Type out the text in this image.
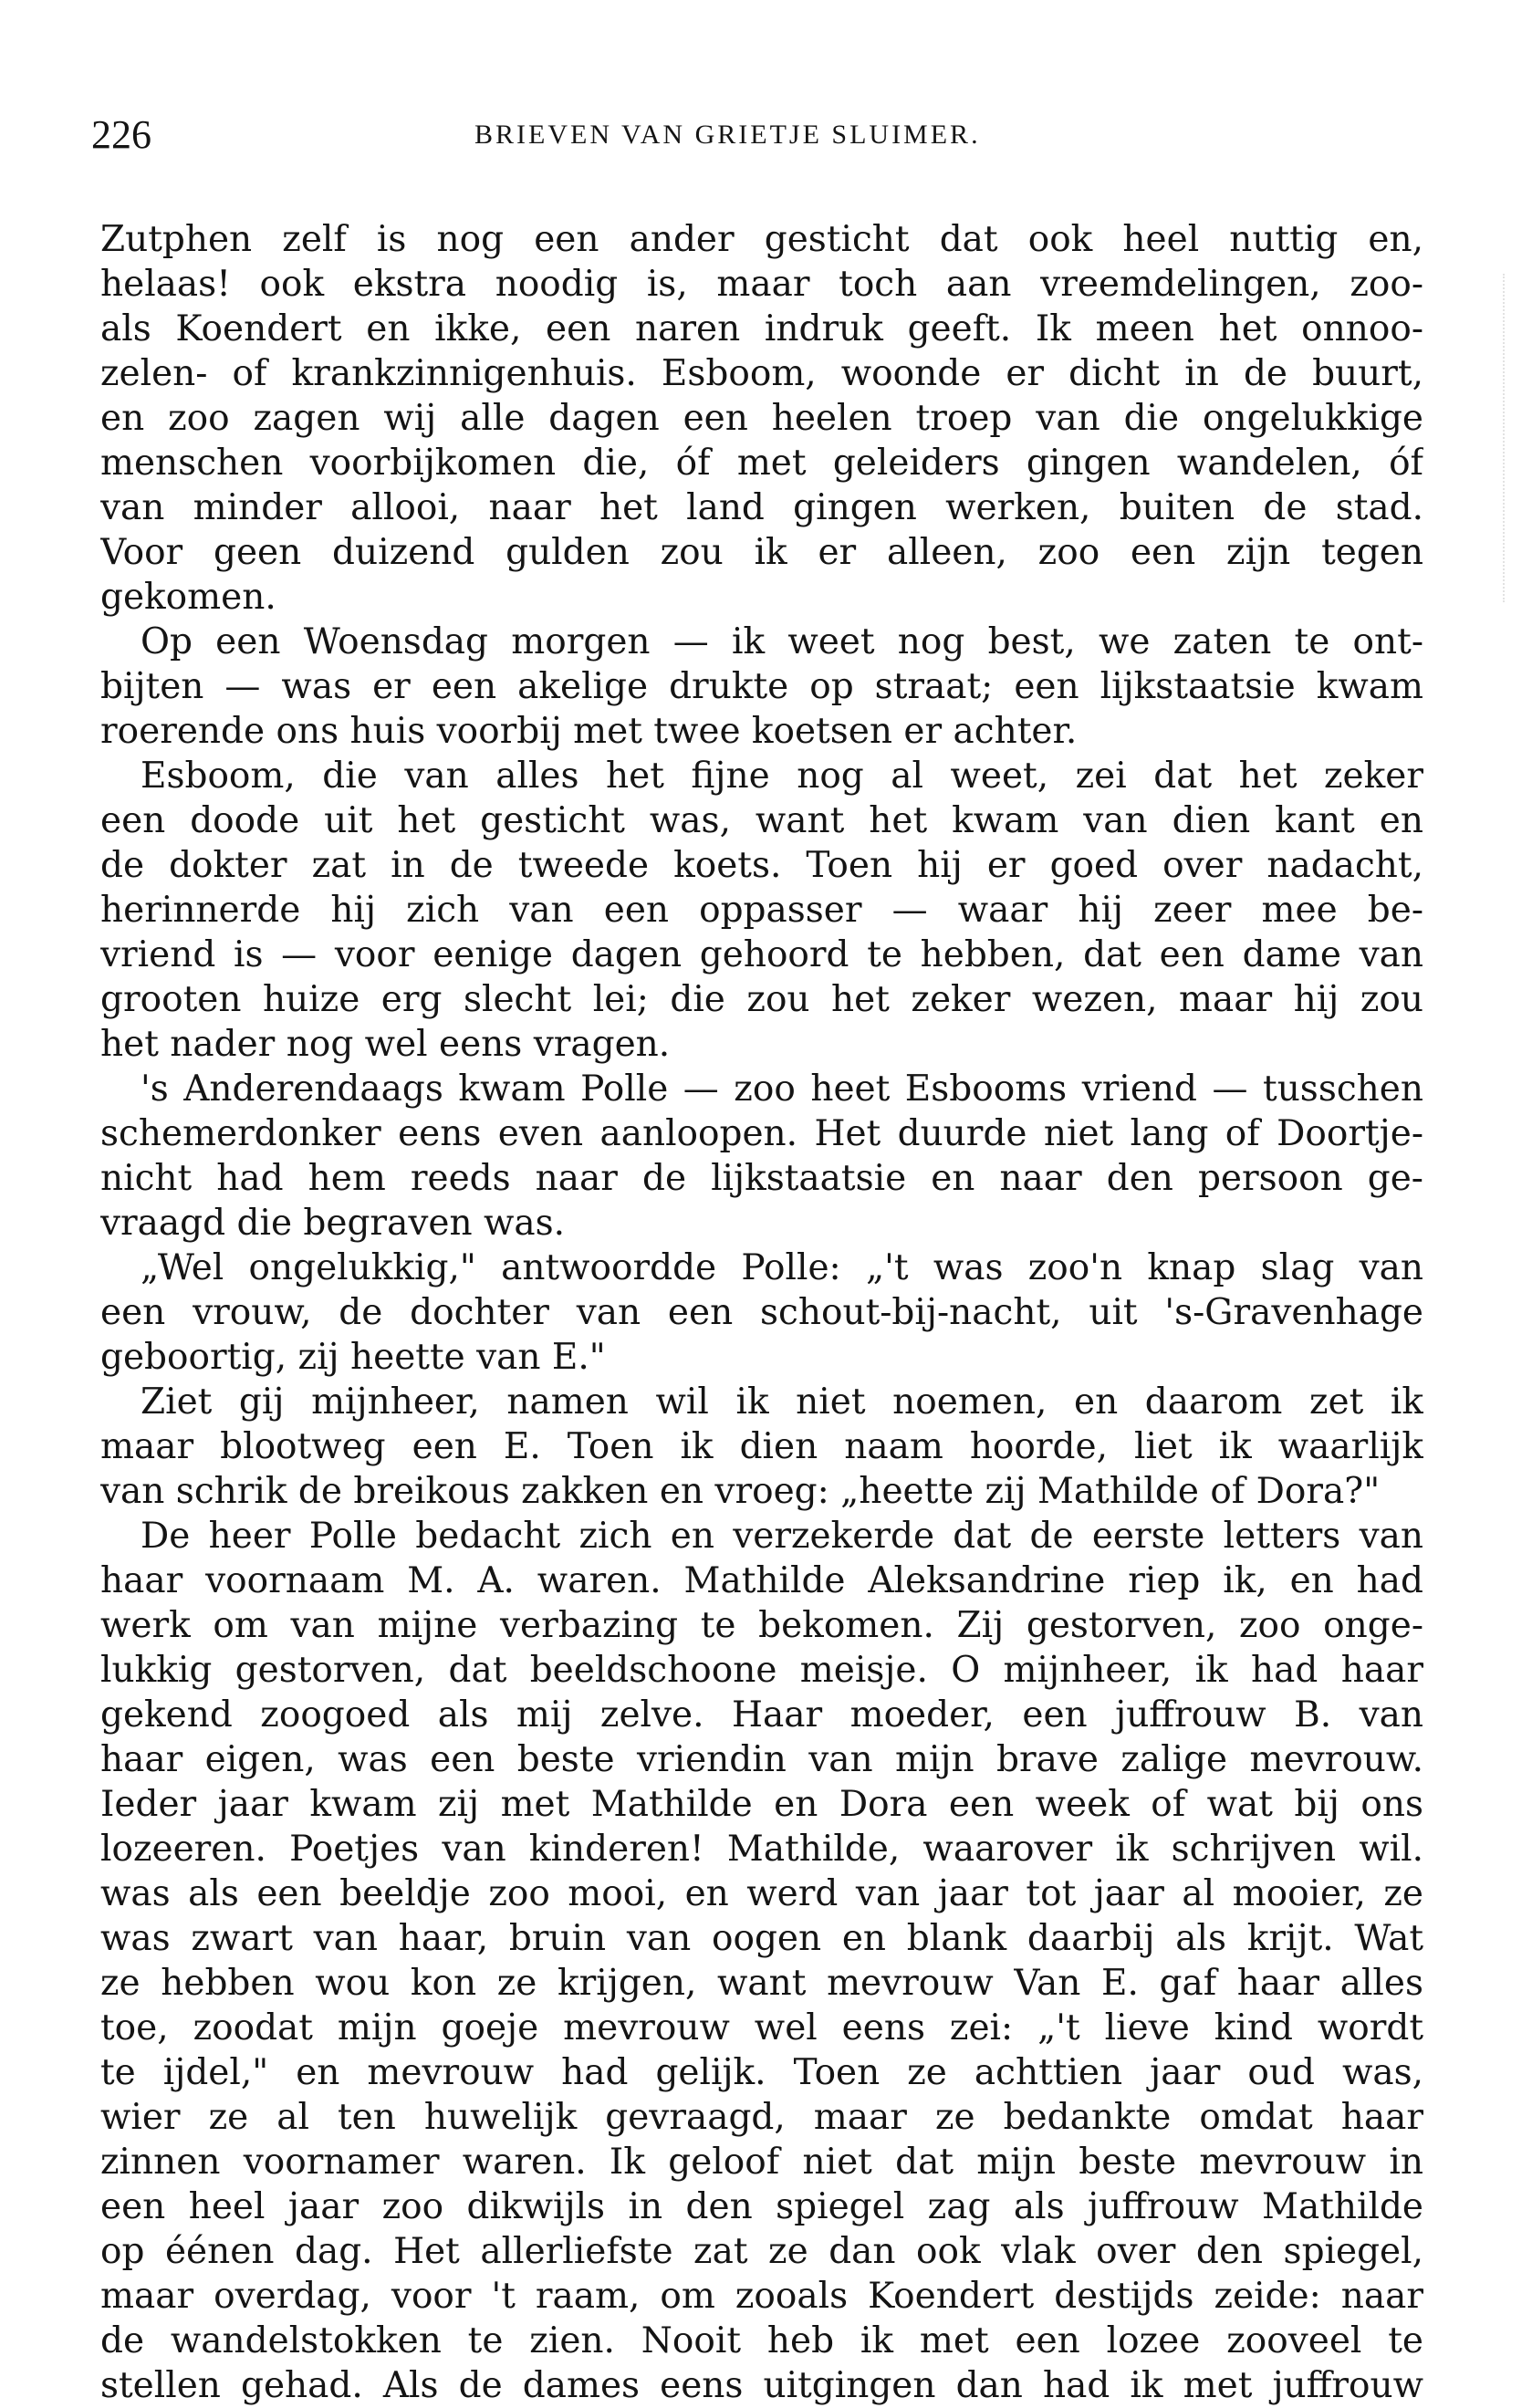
226	BRIEVEN VAN GRIETJE SLUIMER.
Zutphen zelf is nog een ander gesticht dat ook heel nuttig en,
helaas! ook ekstra noodig is, maar toch aan vreemdelingen, zoo-
als Koendert en ikke, een naren indruk geeft. Ik meen het onnoo-
zelen- of krankzinnigenhuis. Esboom, woonde er dicht in de buurt,
en zoo zagen wij alle dagen een heelen troep van die ongelukkige
menschen voorbijkomen die, óf met geleiders gingen wandelen, óf
van minder allooi, naar het land gingen werken, buiten de stad.
Voor geen duizend gulden zou ik er alleen, zoo een zijn tegen
gekomen.
Op een Woensdag morgen — ik weet nog best, we zaten te ont-
bijten — was er een akelige drukte op straat; een lijkstaatsie kwam
roerende ons huis voorbij met twee koetsen er achter.
Esboom, die van alles het fijne nog al weet, zei dat het zeker
een doode uit het gesticht was, want het kwam van dien kant en
de dokter zat in de tweede koets. Toen hij er goed over nadacht,
herinnerde hij zich van een oppasser — waar hij zeer mee be-
vriend is — voor eenige dagen gehoord te hebben, dat een dame van
grooten huize erg slecht lei; die zou het zeker wezen, maar hij zou
het nader nog wel eens vragen.
's Anderendaags kwam Polle — zoo heet Esbooms vriend — tusschen
schemerdonker eens even aanloopen. Het duurde niet lang of Doortje-
nicht had hem reeds naar de lijkstaatsie en naar den persoon ge-
vraagd die begraven was.
„Wel ongelukkig," antwoordde Polle: „'t was zoo'n knap slag van
een vrouw, de dochter van een schout-bij-nacht, uit 's-Gravenhage
geboortig, zij heette van E."
Ziet gij mijnheer, namen wil ik niet noemen, en daarom zet ik
maar blootweg een E. Toen ik dien naam hoorde, liet ik waarlijk
van schrik de breikous zakken en vroeg: „heette zij Mathilde of Dora?"
De heer Polle bedacht zich en verzekerde dat de eerste letters van
haar voornaam M. A. waren. Mathilde Aleksandrine riep ik, en had
werk om van mijne verbazing te bekomen. Zij gestorven, zoo onge-
lukkig gestorven, dat beeldschoone meisje. O mijnheer, ik had haar
gekend zoogoed als mij zelve. Haar moeder, een juffrouw B. van
haar eigen, was een beste vriendin van mijn brave zalige mevrouw.
Ieder jaar kwam zij met Mathilde en Dora een week of wat bij ons
lozeeren. Poetjes van kinderen! Mathilde, waarover ik schrijven wil.
was als een beeldje zoo mooi, en werd van jaar tot jaar al mooier, ze
was zwart van haar, bruin van oogen en blank daarbij als krijt. Wat
ze hebben wou kon ze krijgen, want mevrouw Van E. gaf haar alles
toe, zoodat mijn goeje mevrouw wel eens zei: „'t lieve kind wordt
te ijdel," en mevrouw had gelijk. Toen ze achttien jaar oud was,
wier ze al ten huwelijk gevraagd, maar ze bedankte omdat haar
zinnen voornamer waren. Ik geloof niet dat mijn beste mevrouw in
een heel jaar zoo dikwijls in den spiegel zag als juffrouw Mathilde
op éénen dag. Het allerliefste zat ze dan ook vlak over den spiegel,
maar overdag, voor 't raam, om zooals Koendert destijds zeide: naar
de wandelstokken te zien. Nooit heb ik met een lozee zooveel te
stellen gehad. Als de dames eens uitgingen dan had ik met juffrouw
